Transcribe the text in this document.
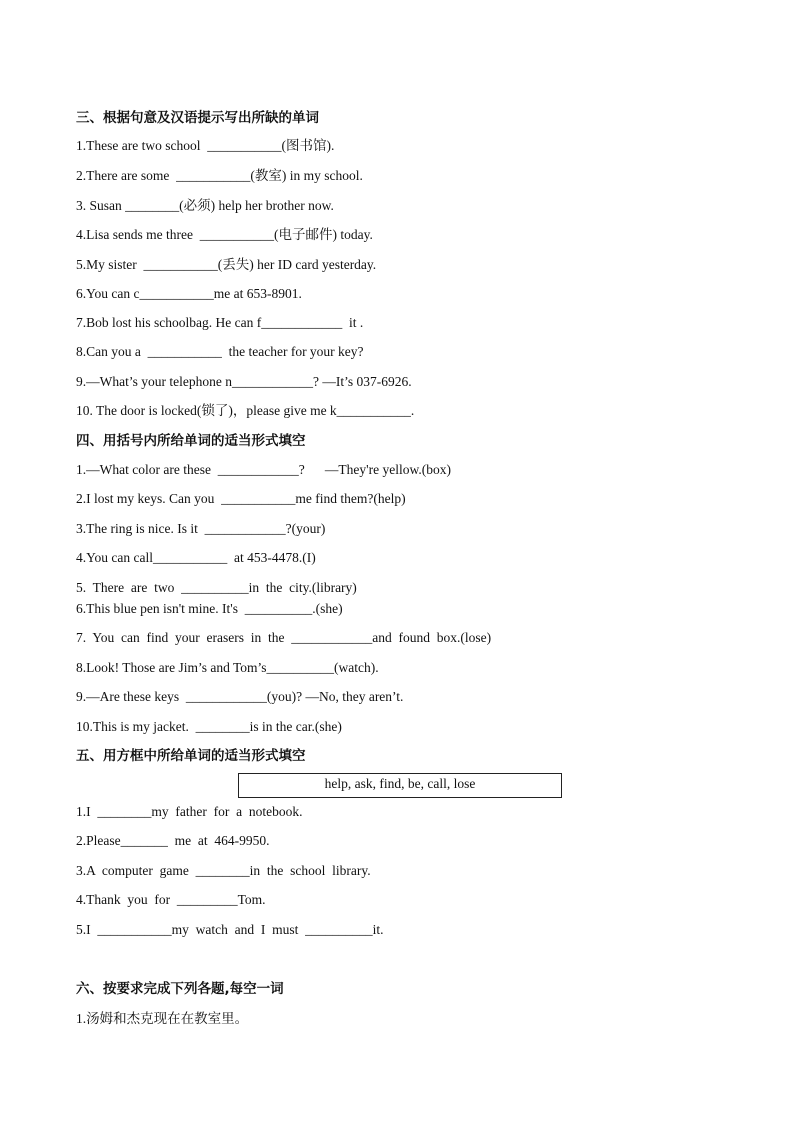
三、根据句意及汉语提示写出所缺的单词
1.These are two school  ___________(图书馆).
2.There are some  ___________(教室) in my school.
3. Susan ________(必须) help her brother now.
4.Lisa sends me three  ___________(电子邮件) today.
5.My sister  ___________(丢失) her ID card yesterday.
6.You can c___________me at 653-8901.
7.Bob lost his schoolbag. He can f____________  it .
8.Can you a  ___________  the teacher for your key?
9.—What’s your telephone n____________? —It’s 037-6926.
10. The door is locked(锁了)，please give me k___________.
四、用括号内所给单词的适当形式填空
1.—What color are these  ____________?      —They're yellow.(box)
2.I lost my keys. Can you  ___________me find them?(help)
3.The ring is nice. Is it  ____________?(your)
4.You can call___________  at 453-4478.(I)
5.  There  are  two  __________in  the  city.(library)
6.This blue pen isn't mine. It's  __________.(she)
7.  You  can  find  your  erasers  in  the  ____________and  found  box.(lose)
8.Look! Those are Jim’s and Tom’s__________(watch).
9.—Are these keys  ____________(you)? —No, they aren’t.
10.This is my jacket.  ________is in the car.(she)
五、用方框中所给单词的适当形式填空
help, ask, find, be, call, lose
1.I  ________my  father  for  a  notebook.
2.Please_______  me  at  464-9950.
3.A  computer  game  ________in  the  school  library.
4.Thank  you  for  _________Tom.
5.I  ___________my  watch  and  I  must  __________it.
六、按要求完成下列各题,每空一词
1.汤姆和杰克现在在教室里。
